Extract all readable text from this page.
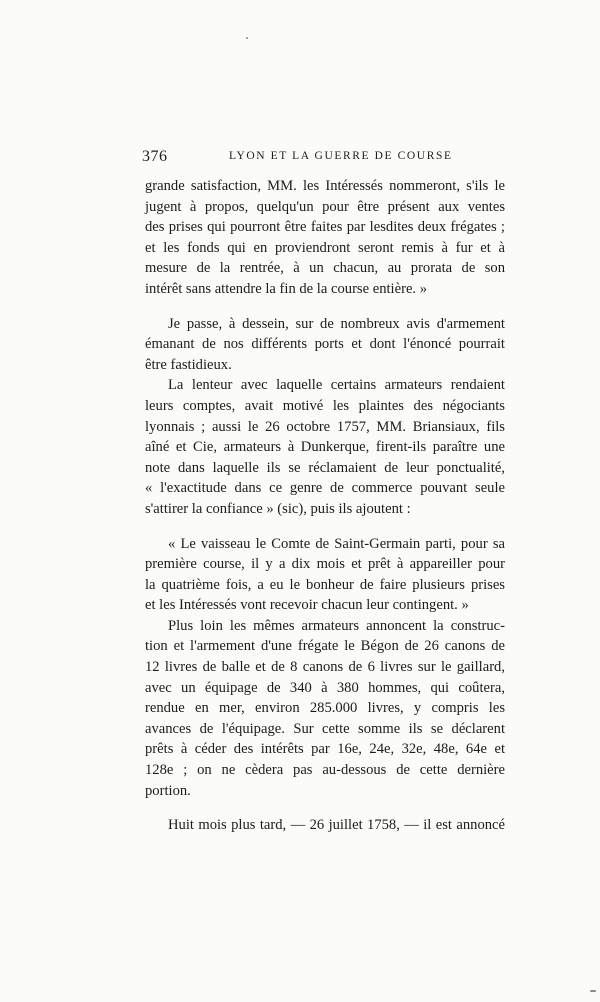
376	LYON ET LA GUERRE DE COURSE

grande satisfaction, MM. les Intéressés nommeront, s'ils le
jugent à propos, quelqu'un pour être présent aux ventes
des prises qui pourront être faites par lesdites deux frégates ;
et les fonds qui en proviendront seront remis à fur et à
mesure de la rentrée, à un chacun, au prorata de son
intérêt sans attendre la fin de la course entière. »

Je passe, à dessein, sur de nombreux avis d'armement
émanant de nos différents ports et dont l'énoncé pourrait
être fastidieux.

La lenteur avec laquelle certains armateurs rendaient
leurs comptes, avait motivé les plaintes des négociants
lyonnais ; aussi le 26 octobre 1757, MM. Briansiaux, fils
aîné et Cie, armateurs à Dunkerque, firent-ils paraître une
note dans laquelle ils se réclamaient de leur ponctualité,
« l'exactitude dans ce genre de commerce pouvant seule
s'attirer la confiance » (sic), puis ils ajoutent :

« Le vaisseau le Comte de Saint-Germain parti, pour sa
première course, il y a dix mois et prêt à appareiller pour
la quatrième fois, a eu le bonheur de faire plusieurs prises
et les Intéressés vont recevoir chacun leur contingent. »

Plus loin les mêmes armateurs annoncent la construc-
tion et l'armement d'une frégate le Bégon de 26 canons de
12 livres de balle et de 8 canons de 6 livres sur le gaillard,
avec un équipage de 340 à 380 hommes, qui coûtera,
rendue en mer, environ 285.000 livres, y compris les
avances de l'équipage. Sur cette somme ils se déclarent
prêts à céder des intérêts par 16e, 24e, 32e, 48e, 64e et
128e ; on ne cèdera pas au-dessous de cette dernière
portion.

Huit mois plus tard, — 26 juillet 1758, — il est annoncé
